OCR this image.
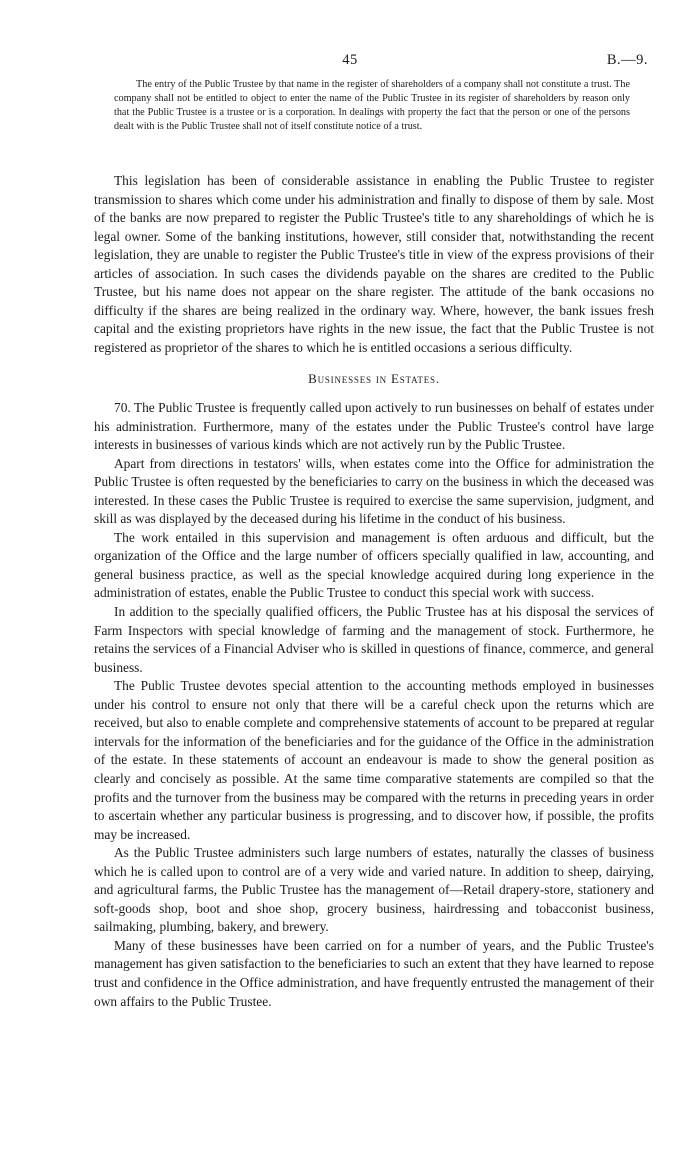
45	B.—9.

The entry of the Public Trustee by that name in the register of shareholders of a company shall not constitute a trust. The company shall not be entitled to object to enter the name of the Public Trustee in its register of shareholders by reason only that the Public Trustee is a trustee or is a corporation. In dealings with property the fact that the person or one of the persons dealt with is the Public Trustee shall not of itself constitute notice of a trust.

This legislation has been of considerable assistance in enabling the Public Trustee to register transmission to shares which come under his administration and finally to dispose of them by sale. Most of the banks are now prepared to register the Public Trustee's title to any shareholdings of which he is legal owner. Some of the banking institutions, however, still consider that, notwithstanding the recent legislation, they are unable to register the Public Trustee's title in view of the express provisions of their articles of association. In such cases the dividends payable on the shares are credited to the Public Trustee, but his name does not appear on the share register. The attitude of the bank occasions no difficulty if the shares are being realized in the ordinary way. Where, however, the bank issues fresh capital and the existing proprietors have rights in the new issue, the fact that the Public Trustee is not registered as proprietor of the shares to which he is entitled occasions a serious difficulty.

Businesses in Estates.

70. The Public Trustee is frequently called upon actively to run businesses on behalf of estates under his administration. Furthermore, many of the estates under the Public Trustee's control have large interests in businesses of various kinds which are not actively run by the Public Trustee.

Apart from directions in testators' wills, when estates come into the Office for administration the Public Trustee is often requested by the beneficiaries to carry on the business in which the deceased was interested. In these cases the Public Trustee is required to exercise the same supervision, judgment, and skill as was displayed by the deceased during his lifetime in the conduct of his business.

The work entailed in this supervision and management is often arduous and difficult, but the organization of the Office and the large number of officers specially qualified in law, accounting, and general business practice, as well as the special knowledge acquired during long experience in the administration of estates, enable the Public Trustee to conduct this special work with success.

In addition to the specially qualified officers, the Public Trustee has at his disposal the services of Farm Inspectors with special knowledge of farming and the management of stock. Furthermore, he retains the services of a Financial Adviser who is skilled in questions of finance, commerce, and general business.

The Public Trustee devotes special attention to the accounting methods employed in businesses under his control to ensure not only that there will be a careful check upon the returns which are received, but also to enable complete and comprehensive statements of account to be prepared at regular intervals for the information of the beneficiaries and for the guidance of the Office in the administration of the estate. In these statements of account an endeavour is made to show the general position as clearly and concisely as possible. At the same time comparative statements are compiled so that the profits and the turnover from the business may be compared with the returns in preceding years in order to ascertain whether any particular business is progressing, and to discover how, if possible, the profits may be increased.

As the Public Trustee administers such large numbers of estates, naturally the classes of business which he is called upon to control are of a very wide and varied nature. In addition to sheep, dairying, and agricultural farms, the Public Trustee has the management of—Retail drapery-store, stationery and soft-goods shop, boot and shoe shop, grocery business, hairdressing and tobacconist business, sailmaking, plumbing, bakery, and brewery.

Many of these businesses have been carried on for a number of years, and the Public Trustee's management has given satisfaction to the beneficiaries to such an extent that they have learned to repose trust and confidence in the Office administration, and have frequently entrusted the management of their own affairs to the Public Trustee.
